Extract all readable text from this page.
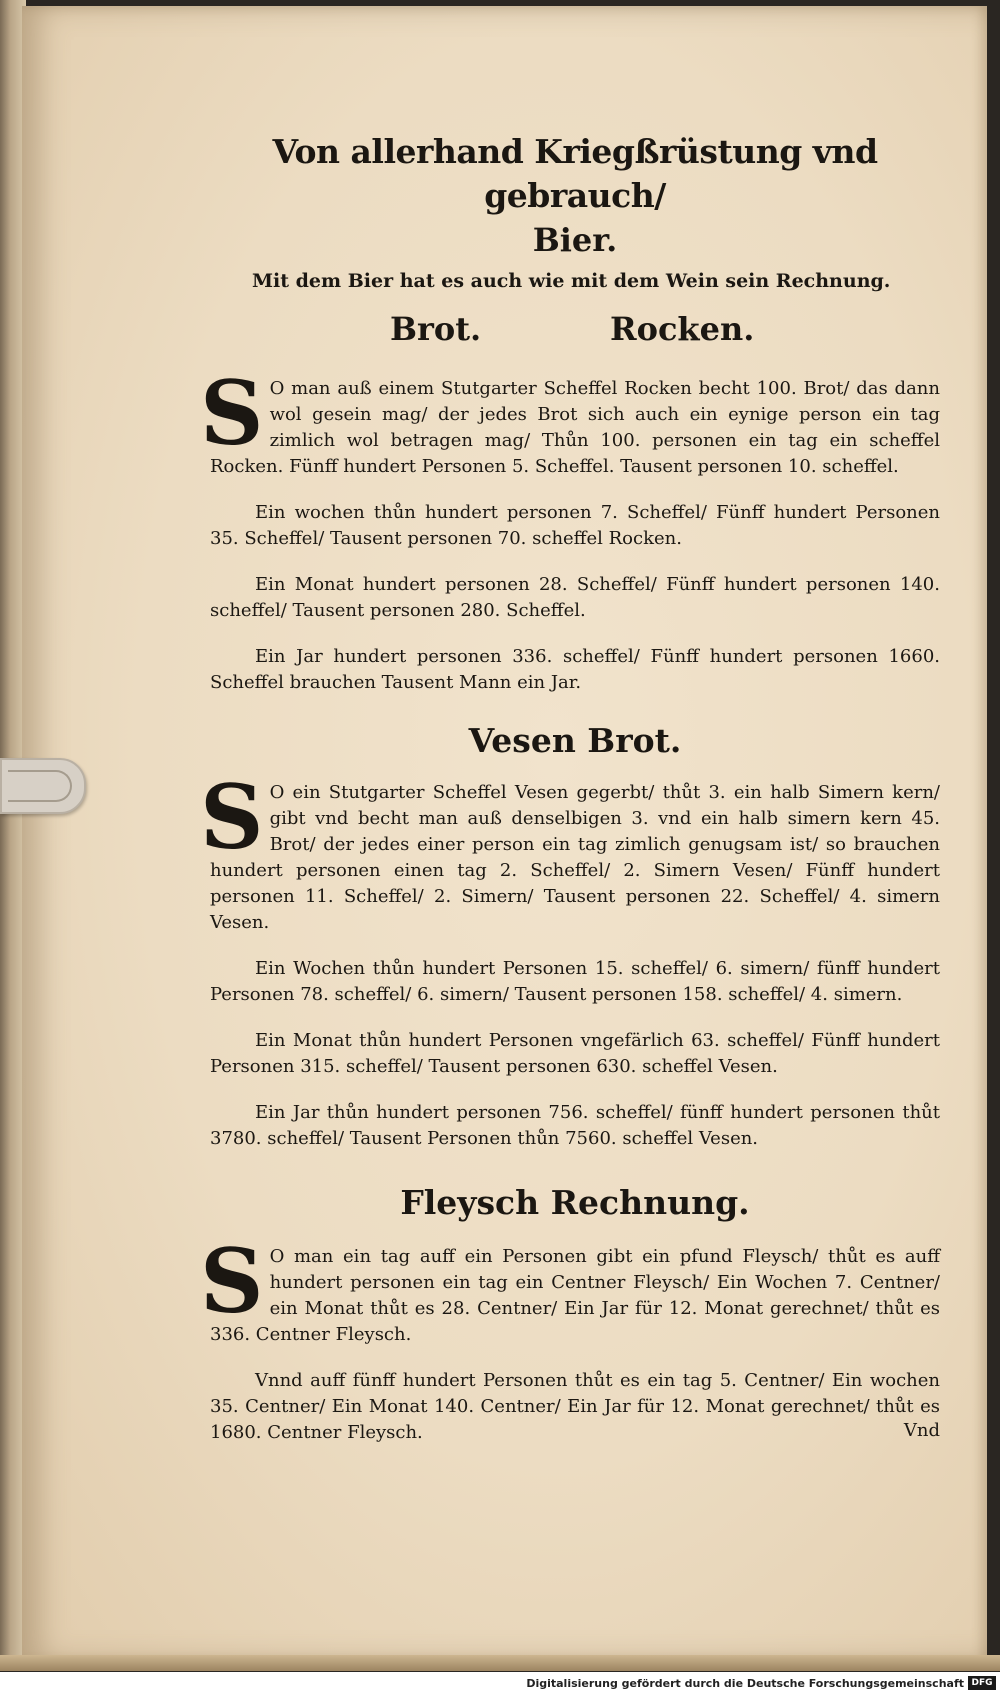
Von allerhand Kriegßrüstung vnd gebrauch/
Bier.
Mit dem Bier hat es auch wie mit dem Wein sein Rechnung.
Brot.	Rocken.

S O man auß einem Stutgarter Scheffel Rocken becht 100. Brot/ das dann wol gesein mag/ der jedes Brot sich auch ein eynige person ein tag zimlich wol betragen mag/ Thůn 100. personen ein tag ein scheffel Rocken. Fünff hundert Personen 5. Scheffel. Tausent personen 10. scheffel.

Ein wochen thůn hundert personen 7. Scheffel/ Fünff hundert Personen 35. Scheffel/ Tausent personen 70. scheffel Rocken.

Ein Monat hundert personen 28. Scheffel/ Fünff hundert personen 140. scheffel/ Tausent personen 280. Scheffel.

Ein Jar hundert personen 336. scheffel/ Fünff hundert personen 1660. Scheffel brauchen Tausent Mann ein Jar.

Vesen Brot.

S O ein Stutgarter Scheffel Vesen gegerbt/ thůt 3. ein halb Simern kern/ gibt vnd becht man auß denselbigen 3. vnd ein halb simern kern 45. Brot/ der jedes einer person ein tag zimlich genugsam ist/ so brauchen hundert personen einen tag 2. Scheffel/ 2. Simern Vesen/ Fünff hundert personen 11. Scheffel/ 2. Simern/ Tausent personen 22. Scheffel/ 4. simern Vesen.

Ein Wochen thůn hundert Personen 15. scheffel/ 6. simern/ fünff hundert Personen 78. scheffel/ 6. simern/ Tausent personen 158. scheffel/ 4. simern.

Ein Monat thůn hundert Personen vngefärlich 63. scheffel/ Fünff hundert Personen 315. scheffel/ Tausent personen 630. scheffel Vesen.

Ein Jar thůn hundert personen 756. scheffel/ fünff hundert personen thůt 3780. scheffel/ Tausent Personen thůn 7560. scheffel Vesen.

Fleysch Rechnung.

S O man ein tag auff ein Personen gibt ein pfund Fleysch/ thůt es auff hundert personen ein tag ein Centner Fleysch/ Ein Wochen 7. Centner/ ein Monat thůt es 28. Centner/ Ein Jar für 12. Monat gerechnet/ thůt es 336. Centner Fleysch.

Vnnd auff fünff hundert Personen thůt es ein tag 5. Centner/ Ein wochen 35. Centner/ Ein Monat 140. Centner/ Ein Jar für 12. Monat gerechnet/ thůt es 1680. Centner Fleysch.	Vnd
Digitalisierung gefördert durch die Deutsche Forschungsgemeinschaft DFG
